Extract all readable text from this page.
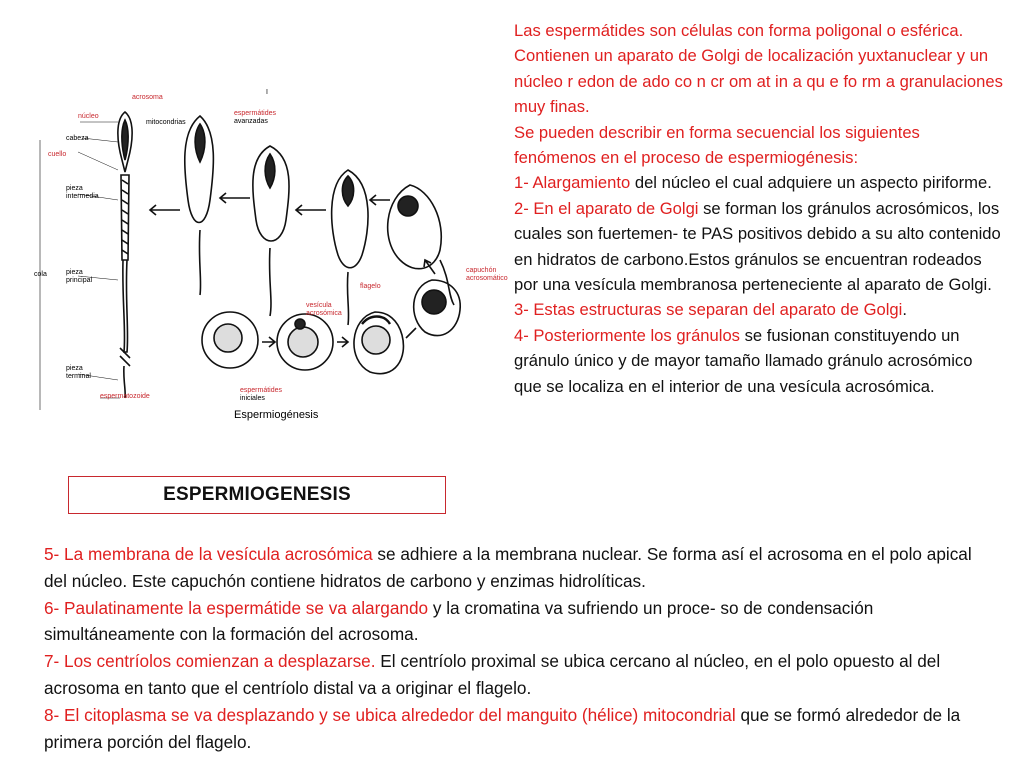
acrosoma
núcleo
mitocondrias
cabeza
cuello
pieza
intermedia
cola	pieza
principal
pieza
terminal
espermatozoide
espermátides
avanzadas
I
flagelo
capuchón
acrosomático
vesícula
acrosómica
espermátides
iniciales
Espermiogénesis

Las espermátides son células con forma poligonal o esférica. Contienen un aparato de Golgi de localización yuxtanuclear y un núcleo r edon de ado co n cr om at in a qu e fo rm a granulaciones muy finas.

Se pueden describir en forma secuencial los siguientes fenómenos en el proceso de espermiogénesis:

1- Alargamiento del núcleo el cual adquiere un aspecto piriforme.

2- En el aparato de Golgi se forman los gránulos acrosómicos, los cuales son fuertemen- te PAS positivos debido a su alto contenido en hidratos de carbono.Estos gránulos se encuentran rodeados por una vesícula membranosa perteneciente al aparato de Golgi.

3- Estas estructuras se separan del aparato de Golgi.

4- Posteriormente los gránulos se fusionan constituyendo un gránulo único y de mayor tamaño llamado gránulo acrosómico que se localiza en el interior de una vesícula acrosómica.

ESPERMIOGENESIS

5- La membrana de la vesícula acrosómica se adhiere a la membrana nuclear. Se forma así el acrosoma en el polo apical del núcleo. Este capuchón contiene hidratos de carbono y enzimas hidrolíticas.

6- Paulatinamente la espermátide se va alargando y la cromatina va sufriendo un proce- so de condensación simultáneamente con la formación del acrosoma.

7- Los centríolos comienzan a desplazarse. El centríolo proximal se ubica cercano al núcleo, en el polo opuesto al del acrosoma en tanto que el centríolo distal va a originar el flagelo.

8- El citoplasma se va desplazando y se ubica alrededor del manguito (hélice) mitocondrial que se formó alrededor de la primera porción del flagelo.
